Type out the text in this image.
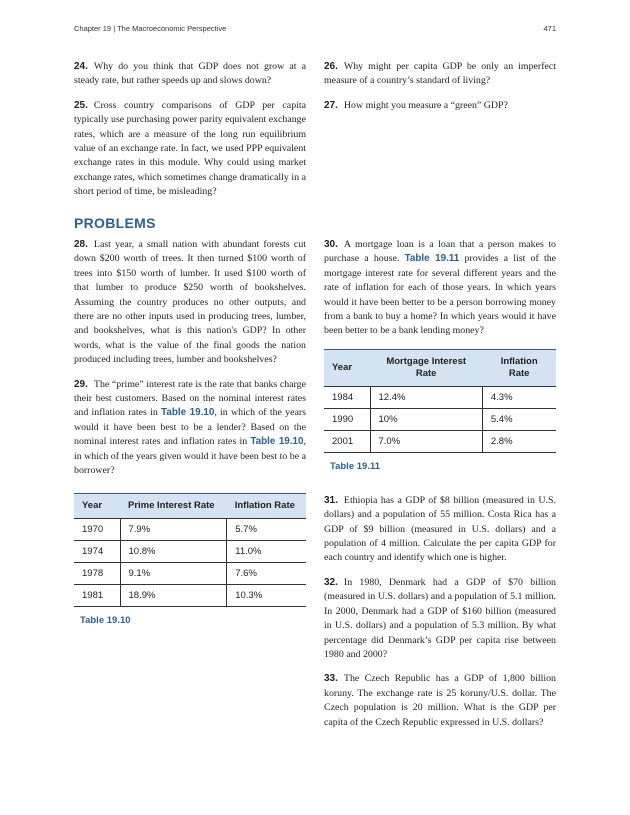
Chapter 19 | The Macroeconomic Perspective	471

24. Why do you think that GDP does not grow at a steady rate, but rather speeds up and slows down?

25. Cross country comparisons of GDP per capita typically use purchasing power parity equivalent exchange rates, which are a measure of the long run equilibrium value of an exchange rate. In fact, we used PPP equivalent exchange rates in this module. Why could using market exchange rates, which sometimes change dramatically in a short period of time, be misleading?

26. Why might per capita GDP be only an imperfect measure of a country’s standard of living?

27. How might you measure a “green” GDP?

PROBLEMS

28. Last year, a small nation with abundant forests cut down $200 worth of trees. It then turned $100 worth of trees into $150 worth of lumber. It used $100 worth of that lumber to produce $250 worth of bookshelves. Assuming the country produces no other outputs, and there are no other inputs used in producing trees, lumber, and bookshelves, what is this nation's GDP? In other words, what is the value of the final goods the nation produced including trees, lumber and bookshelves?

29. The “prime” interest rate is the rate that banks charge their best customers. Based on the nominal interest rates and inflation rates in Table 19.10, in which of the years would it have been best to be a lender? Based on the nominal interest rates and inflation rates in Table 19.10, in which of the years given would it have been best to be a borrower?

Year	Prime Interest Rate	Inflation Rate
1970	7.9%	5.7%
1974	10.8%	11.0%
1978	9.1%	7.6%
1981	18.9%	10.3%
Table 19.10

30. A mortgage loan is a loan that a person makes to purchase a house. Table 19.11 provides a list of the mortgage interest rate for several different years and the rate of inflation for each of those years. In which years would it have been better to be a person borrowing money from a bank to buy a home? In which years would it have been better to be a bank lending money?

Year	Mortgage Interest Rate	Inflation Rate
1984	12.4%	4.3%
1990	10%	5.4%
2001	7.0%	2.8%
Table 19.11

31. Ethiopia has a GDP of $8 billion (measured in U.S. dollars) and a population of 55 million. Costa Rica has a GDP of $9 billion (measured in U.S. dollars) and a population of 4 million. Calculate the per capita GDP for each country and identify which one is higher.

32. In 1980, Denmark had a GDP of $70 billion (measured in U.S. dollars) and a population of 5.1 million. In 2000, Denmark had a GDP of $160 billion (measured in U.S. dollars) and a population of 5.3 million. By what percentage did Denmark’s GDP per capita rise between 1980 and 2000?

33. The Czech Republic has a GDP of 1,800 billion koruny. The exchange rate is 25 koruny/U.S. dollar. The Czech population is 20 million. What is the GDP per capita of the Czech Republic expressed in U.S. dollars?
